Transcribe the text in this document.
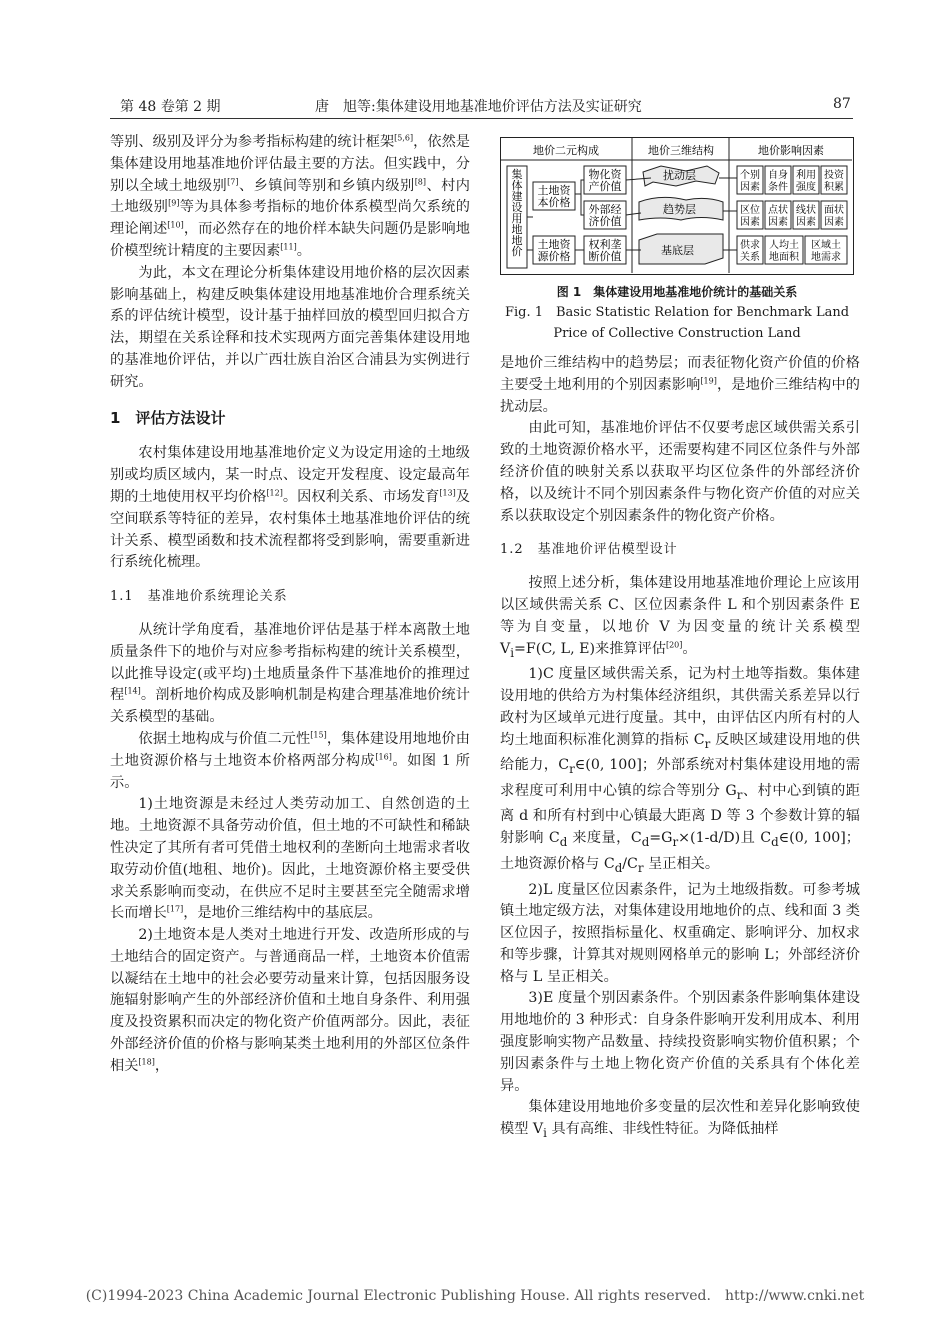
第 48 卷第 2 期	唐　旭等:集体建设用地基准地价评估方法及实证研究	87

等别、级别及评分为参考指标构建的统计框架[5,6]，依然是集体建设用地基准地价评估最主要的方法。但实践中，分别以全域土地级别[7]、乡镇间等别和乡镇内级别[8]、村内土地级别[9]等为具体参考指标的地价体系模型尚欠系统的理论阐述[10]，而必然存在的地价样本缺失问题仍是影响地价模型统计精度的主要因素[11]。

为此，本文在理论分析集体建设用地价格的层次因素影响基础上，构建反映集体建设用地基准地价合理系统关系的评估统计模型，设计基于抽样回放的模型回归拟合方法，期望在关系诠释和技术实现两方面完善集体建设用地的基准地价评估，并以广西壮族自治区合浦县为实例进行研究。

1　评估方法设计

农村集体建设用地基准地价定义为设定用途的土地级别或均质区域内，某一时点、设定开发程度、设定最高年期的土地使用权平均价格[12]。因权利关系、市场发育[13]及空间联系等特征的差异，农村集体土地基准地价评估的统计关系、模型函数和技术流程都将受到影响，需要重新进行系统化梳理。

1.1　基准地价系统理论关系

从统计学角度看，基准地价评估是基于样本离散土地质量条件下的地价与对应参考指标构建的统计关系模型，以此推导设定(或平均)土地质量条件下基准地价的推理过程[14]。剖析地价构成及影响机制是构建合理基准地价统计关系模型的基础。

依据土地构成与价值二元性[15]，集体建设用地地价由土地资源价格与土地资本价格两部分构成[16]。如图 1 所示。

1)土地资源是未经过人类劳动加工、自然创造的土地。土地资源不具备劳动价值，但土地的不可缺性和稀缺性决定了其所有者可凭借土地权利的垄断向土地需求者收取劳动价值(地租、地价)。因此，土地资源价格主要受供求关系影响而变动，在供应不足时主要甚至完全随需求增长而增长[17]，是地价三维结构中的基底层。

2)土地资本是人类对土地进行开发、改造所形成的与土地结合的固定资产。与普通商品一样，土地资本价值需以凝结在土地中的社会必要劳动量来计算，包括因服务设施辐射影响产生的外部经济价值和土地自身条件、利用强度及投资累积而决定的物化资产价值两部分。因此，表征外部经济价值的价格与影响某类土地利用的外部区位条件相关[18]，

地价二元构成	地价三维结构	地价影响因素
集体建设用地地价
土地资本价格
土地资源价格
物化资产价值
外部经济价值
权利垄断价值
扰动层
趋势层
基底层
个别因素
自身条件
利用强度
投资积累
区位因素
点状因素
线状因素
面状因素
供求关系
人均土地面积
区域土地需求
图 1　集体建设用地基准地价统计的基础关系
Fig. 1　Basic Statistic Relation for Benchmark Land
Price of Collective Construction Land

是地价三维结构中的趋势层；而表征物化资产价值的价格主要受土地利用的个别因素影响[19]，是地价三维结构中的扰动层。

由此可知，基准地价评估不仅要考虑区域供需关系引致的土地资源价格水平，还需要构建不同区位条件与外部经济价值的映射关系以获取平均区位条件的外部经济价格，以及统计不同个别因素条件与物化资产价值的对应关系以获取设定个别因素条件的物化资产价格。

1.2　基准地价评估模型设计

按照上述分析，集体建设用地基准地价理论上应该用以区域供需关系 C、区位因素条件 L 和个别因素条件 E 等为自变量，以地价 V 为因变量的统计关系模型 $V_i=F(C$, L, E)来推算评估[20]。

1)C 度量区域供需关系，记为村土地等指数。集体建设用地的供给方为村集体经济组织，其供需关系差异以行政村为区域单元进行度量。其中，由评估区内所有村的人均土地面积标准化测算的指标 $C_r$ 反映区域建设用地的供给能力，$C_r\in(0$, 100]；外部系统对村集体建设用地的需求程度可利用中心镇的综合等别分 $G_r$、村中心到镇的距离 d 和所有村到中心镇最大距离 D 等 3 个参数计算的辐射影响 $C_d$ 来度量，$C_d=G_r\times(1-d/D)$且 $C_d\in(0$, 100]；土地资源价格与 $C_d/C_r$ 呈正相关。

2)L 度量区位因素条件，记为土地级指数。可参考城镇土地定级方法，对集体建设用地地价的点、线和面 3 类区位因子，按照指标量化、权重确定、影响评分、加权求和等步骤，计算其对规则网格单元的影响 L；外部经济价格与 L 呈正相关。

3)E 度量个别因素条件。个别因素条件影响集体建设用地地价的 3 种形式：自身条件影响开发利用成本、利用强度影响实物产品数量、持续投资影响实物价值积累；个别因素条件与土地上物化资产价值的关系具有个体化差异。

集体建设用地地价多变量的层次性和差异化影响致使模型 $V_i$ 具有高维、非线性特征。为降低抽样

(C)1994-2023 China Academic Journal Electronic Publishing House. All rights reserved.　http://www.cnki.net
